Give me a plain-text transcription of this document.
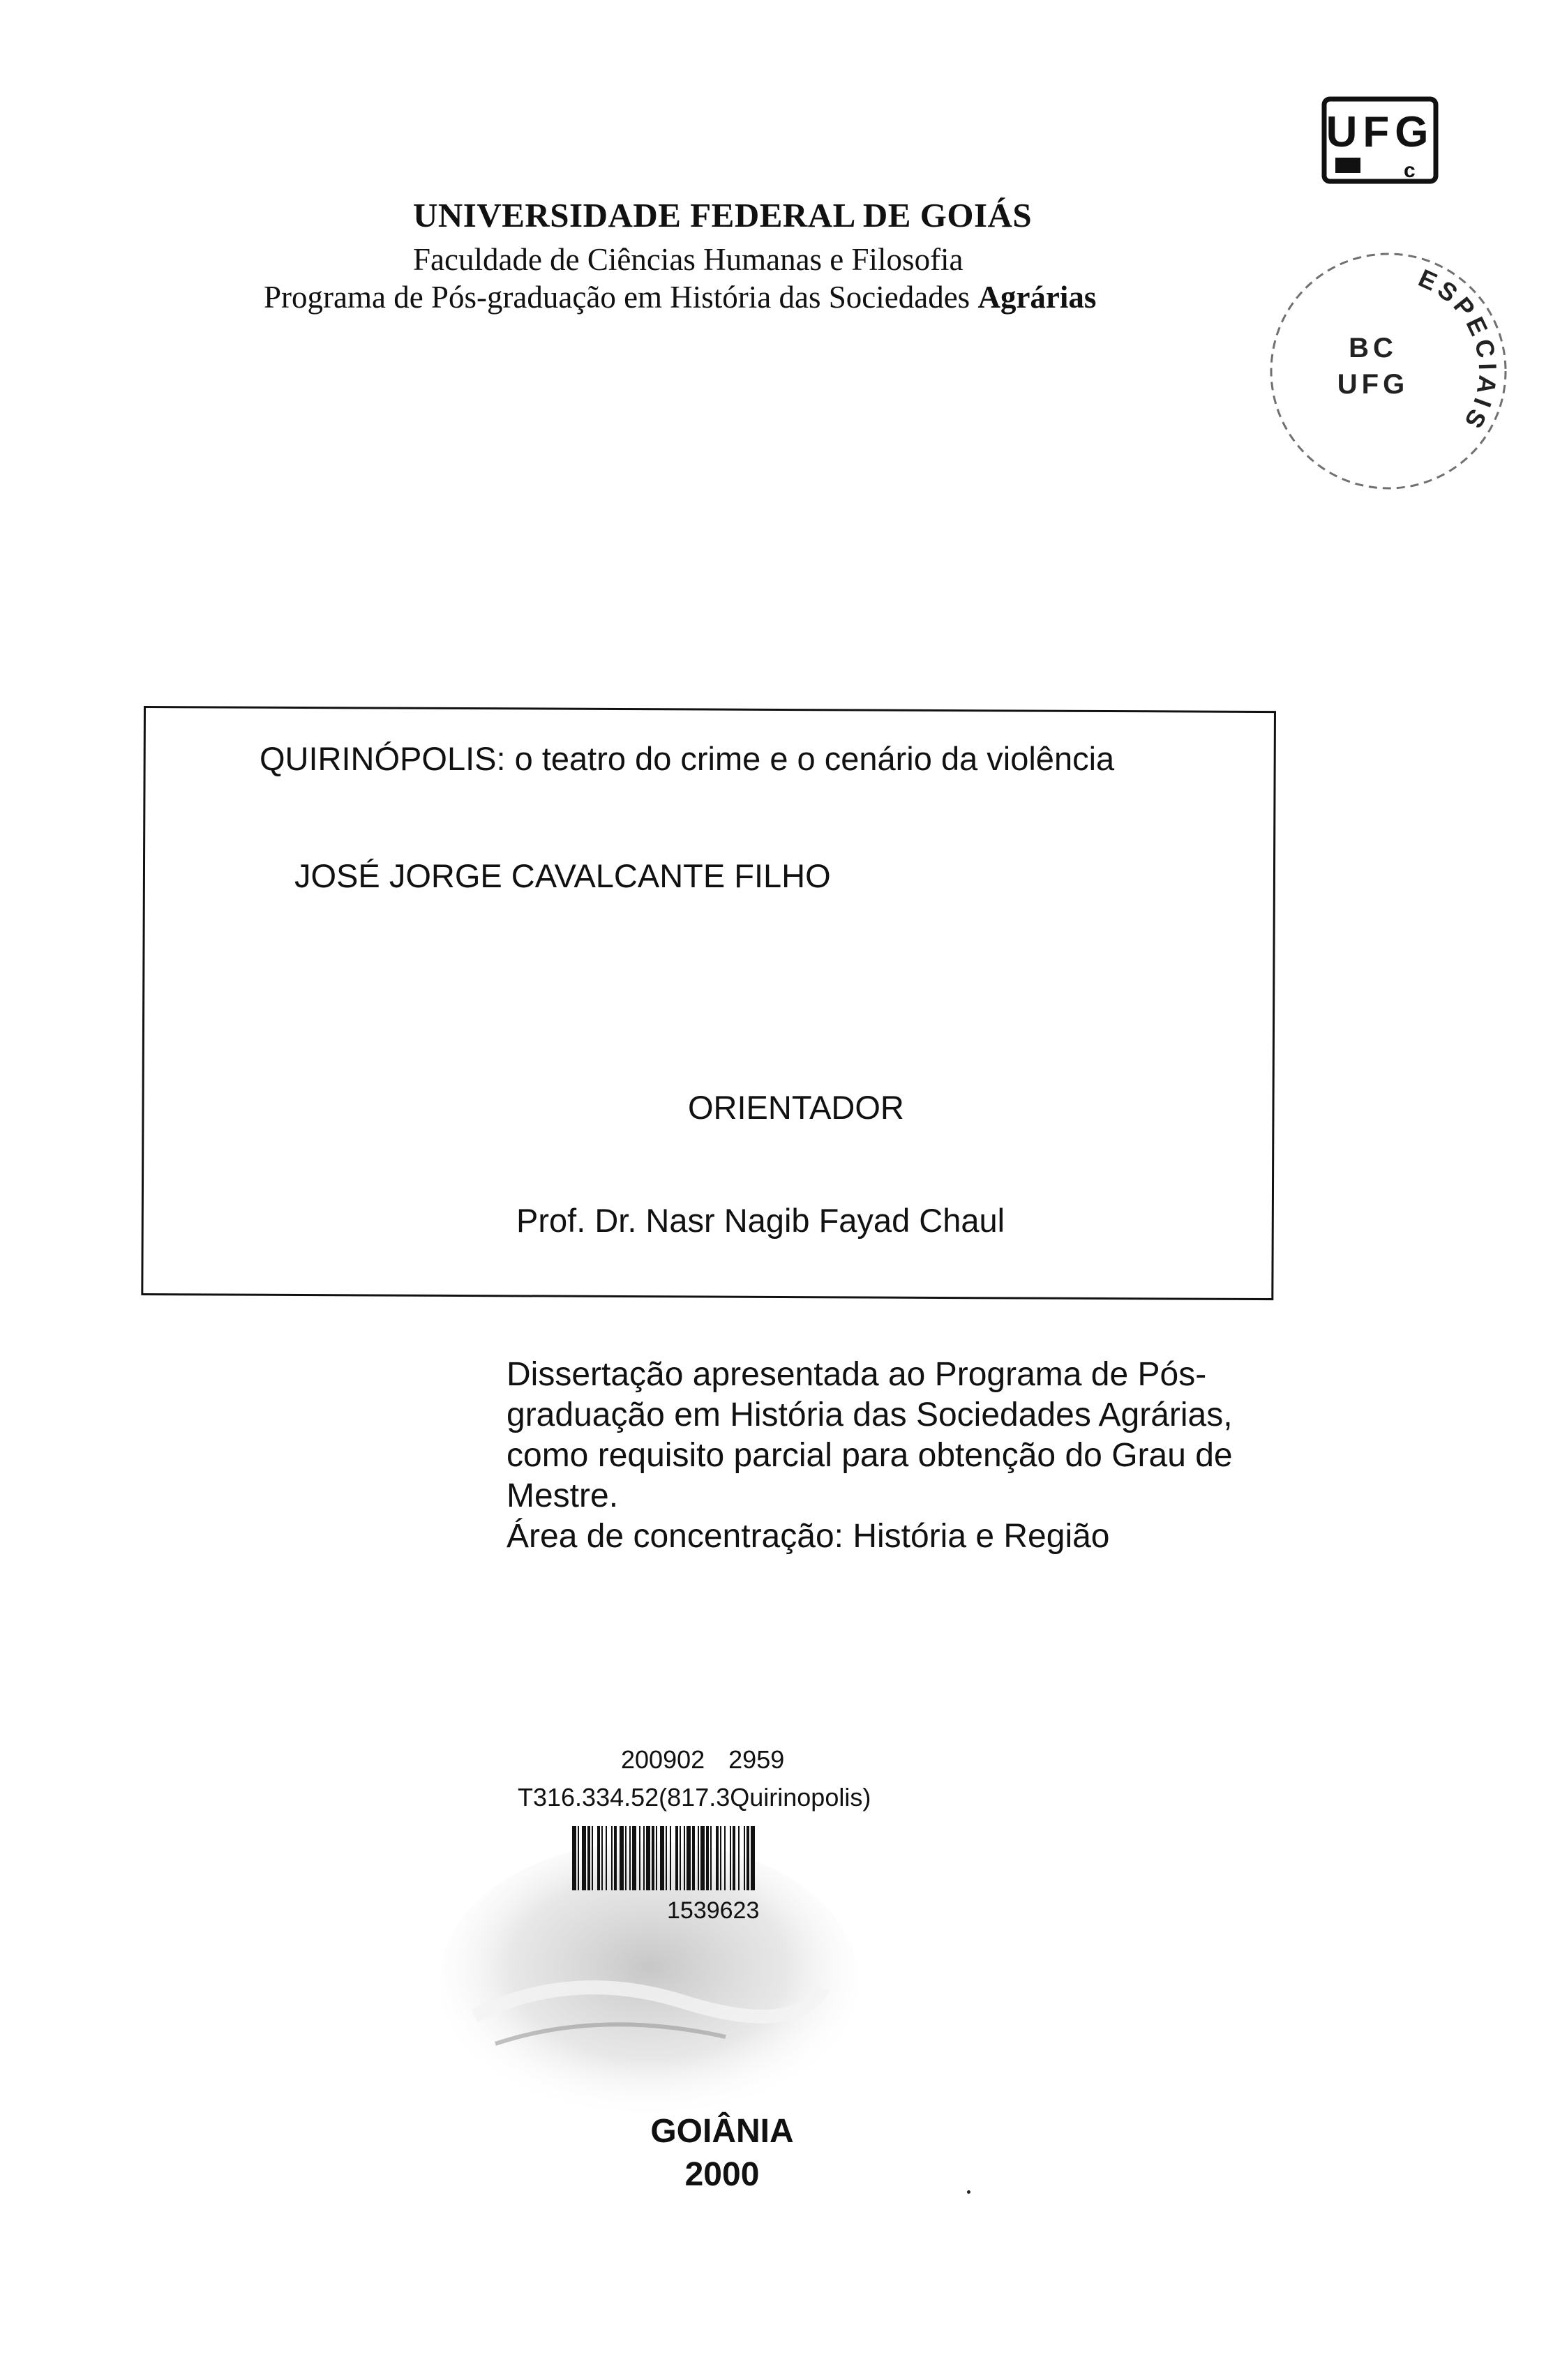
UNIVERSIDADE FEDERAL DE GOIÁS
Faculdade de Ciências Humanas e Filosofia
Programa de Pós-graduação em História das Sociedades Agrárias
UFG
c
ESPECIAIS
BC
UFG
QUIRINÓPOLIS: o teatro do crime e o cenário da violência
JOSÉ JORGE CAVALCANTE FILHO
ORIENTADOR
Prof. Dr. Nasr Nagib Fayad Chaul

Dissertação apresentada ao Programa de Pós-graduação em História das Sociedades Agrárias, como requisito parcial para obtenção do Grau de Mestre.

Área de concentração: História e Região

200902 2959
T316.334.52(817.3Quirinopolis)
1539623
GOIÂNIA
2000
